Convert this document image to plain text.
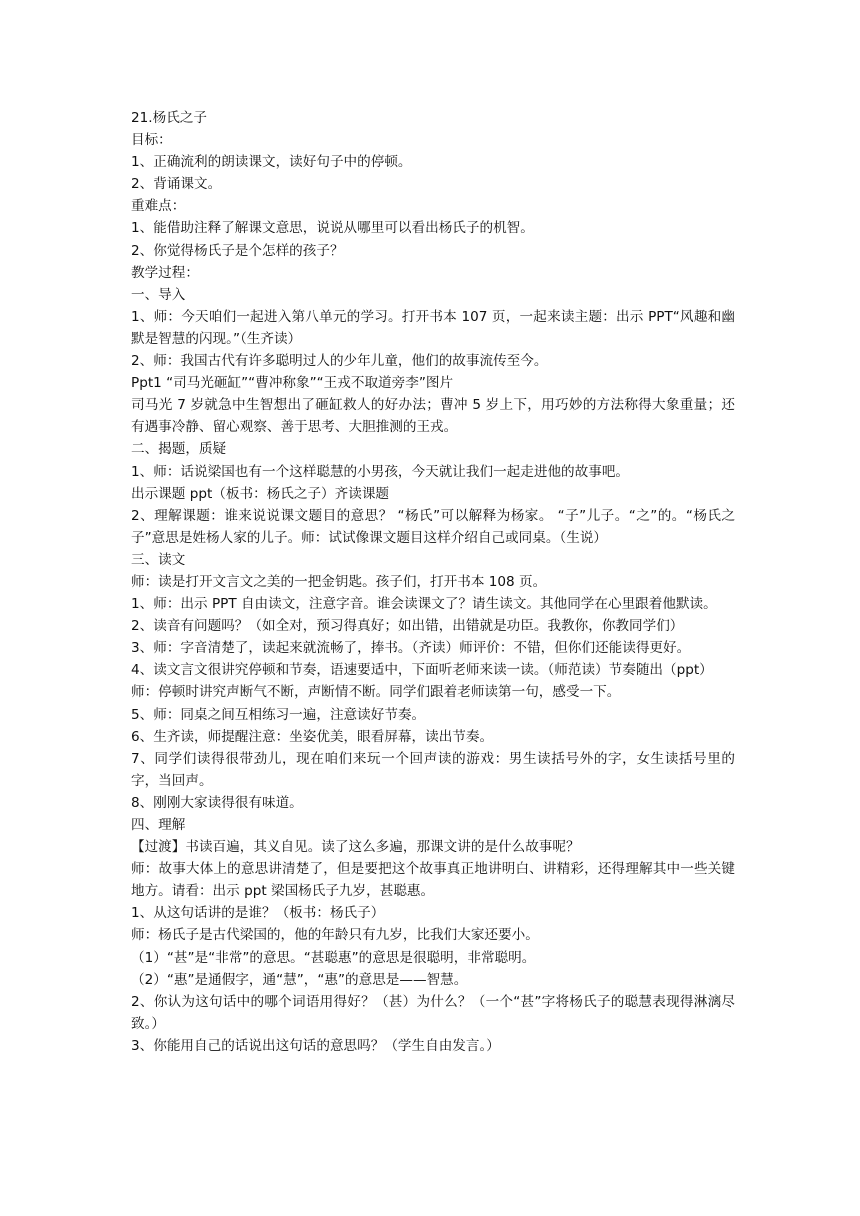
21.杨氏之子

目标：

1、正确流利的朗读课文，读好句子中的停顿。

2、背诵课文。

重难点：

1、能借助注释了解课文意思，说说从哪里可以看出杨氏子的机智。

2、你觉得杨氏子是个怎样的孩子？

教学过程：

一、导入

1、师：今天咱们一起进入第八单元的学习。打开书本 107 页，一起来读主题：出示 PPT“风趣和幽默是智慧的闪现。”（生齐读）

2、师：我国古代有许多聪明过人的少年儿童，他们的故事流传至今。

Ppt1 “司马光砸缸”“曹冲称象”“王戎不取道旁李”图片

司马光 7 岁就急中生智想出了砸缸救人的好办法；曹冲 5 岁上下，用巧妙的方法称得大象重量；还有遇事冷静、留心观察、善于思考、大胆推测的王戎。

二、揭题，质疑

1、师：话说梁国也有一个这样聪慧的小男孩，今天就让我们一起走进他的故事吧。

出示课题 ppt（板书：杨氏之子）齐读课题

2、理解课题：谁来说说课文题目的意思？ “杨氏”可以解释为杨家。 “子”儿子。“之”的。“杨氏之子”意思是姓杨人家的儿子。师：试试像课文题目这样介绍自己或同桌。（生说）

三、读文

师：读是打开文言文之美的一把金钥匙。孩子们，打开书本 108 页。

1、师：出示 PPT 自由读文，注意字音。谁会读课文了？请生读文。其他同学在心里跟着他默读。

2、读音有问题吗？（如全对，预习得真好；如出错，出错就是功臣。我教你，你教同学们）

3、师：字音清楚了，读起来就流畅了，捧书。（齐读）师评价：不错，但你们还能读得更好。

4、读文言文很讲究停顿和节奏，语速要适中，下面听老师来读一读。（师范读）节奏随出（ppt）

师：停顿时讲究声断气不断，声断情不断。同学们跟着老师读第一句，感受一下。

5、师：同桌之间互相练习一遍，注意读好节奏。

6、生齐读，师提醒注意：坐姿优美，眼看屏幕，读出节奏。

7、同学们读得很带劲儿，现在咱们来玩一个回声读的游戏：男生读括号外的字，女生读括号里的字，当回声。

8、刚刚大家读得很有味道。

四、理解

【过渡】书读百遍，其义自见。读了这么多遍，那课文讲的是什么故事呢？

师：故事大体上的意思讲清楚了，但是要把这个故事真正地讲明白、讲精彩，还得理解其中一些关键地方。请看：出示 ppt 梁国杨氏子九岁，甚聪惠。

1、从这句话讲的是谁？（板书：杨氏子）

师：杨氏子是古代梁国的，他的年龄只有九岁，比我们大家还要小。

（1）“甚”是“非常”的意思。“甚聪惠”的意思是很聪明，非常聪明。

（2）“惠”是通假字，通“慧”，“惠”的意思是——智慧。

2、你认为这句话中的哪个词语用得好？（甚）为什么？（一个“甚”字将杨氏子的聪慧表现得淋漓尽致。）

3、你能用自己的话说出这句话的意思吗？（学生自由发言。）
